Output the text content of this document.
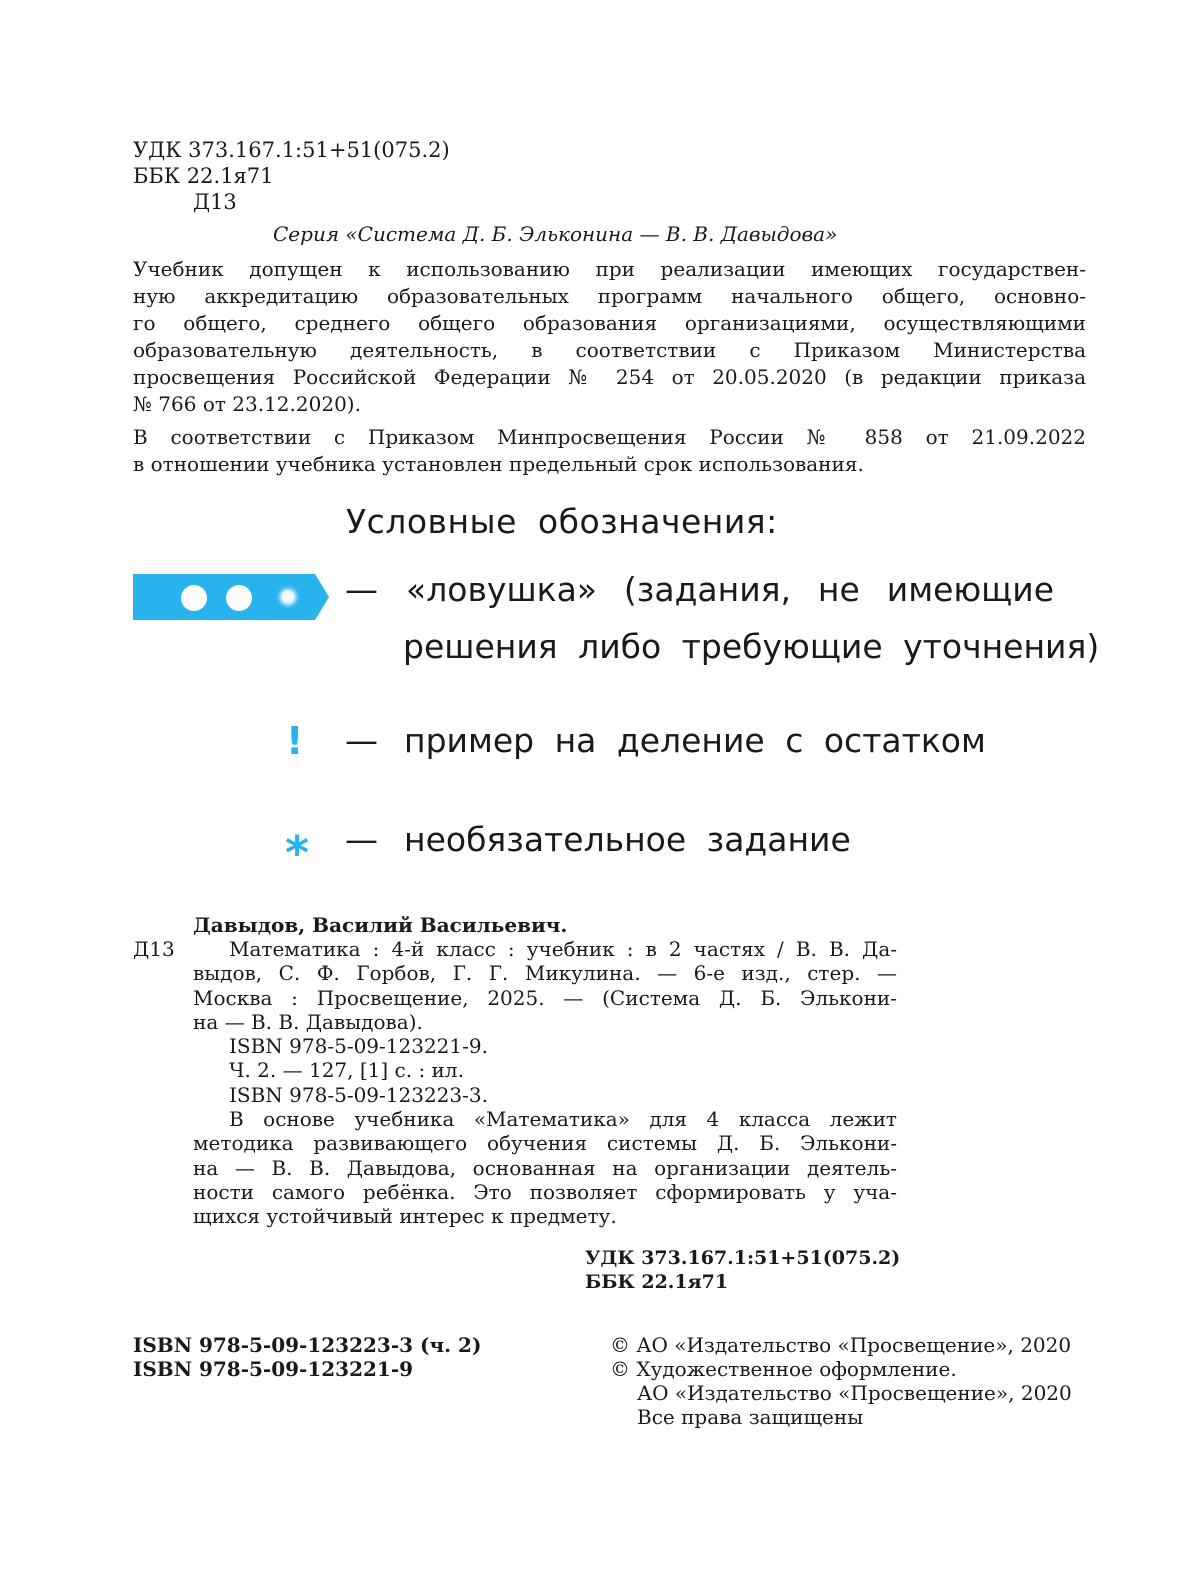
УДК 373.167.1:51+51(075.2)
ББК 22.1я71
Д13
Серия «Система Д. Б. Эльконина — В. В. Давыдова»
Учебник допущен к использованию при реализации имеющих государствен-
ную аккредитацию образовательных программ начального общего, основно-
го общего, среднего общего образования организациями, осуществляющими
образовательную деятельность, в соответствии с Приказом Министерства
просвещения Российской Федерации № 254 от 20.05.2020 (в редакции приказа
№ 766 от 23.12.2020).
В соответствии с Приказом Минпросвещения России № 858 от 21.09.2022
в отношении учебника установлен предельный срок использования.
Условные обозначения:
— «ловушка» (задания, не имеющие
решения либо требующие уточнения)
! — пример на деление с остатком
* — необязательное задание
Давыдов, Василий Васильевич.
Д13	Математика : 4-й класс : учебник : в 2 частях / В. В. Да-
выдов, С. Ф. Горбов, Г. Г. Микулина. — 6-е изд., стер. —
Москва : Просвещение, 2025. — (Система Д. Б. Элькони-
на — В. В. Давыдова).
ISBN 978-5-09-123221-9.
Ч. 2. — 127, [1] с. : ил.
ISBN 978-5-09-123223-3.
В основе учебника «Математика» для 4 класса лежит
методика развивающего обучения системы Д. Б. Элькони-
на — В. В. Давыдова, основанная на организации деятель-
ности самого ребёнка. Это позволяет сформировать у уча-
щихся устойчивый интерес к предмету.
УДК 373.167.1:51+51(075.2)
ББК 22.1я71
ISBN 978-5-09-123223-3 (ч. 2)
ISBN 978-5-09-123221-9
© АО «Издательство «Просвещение», 2020
© Художественное оформление.
АО «Издательство «Просвещение», 2020
Все права защищены
